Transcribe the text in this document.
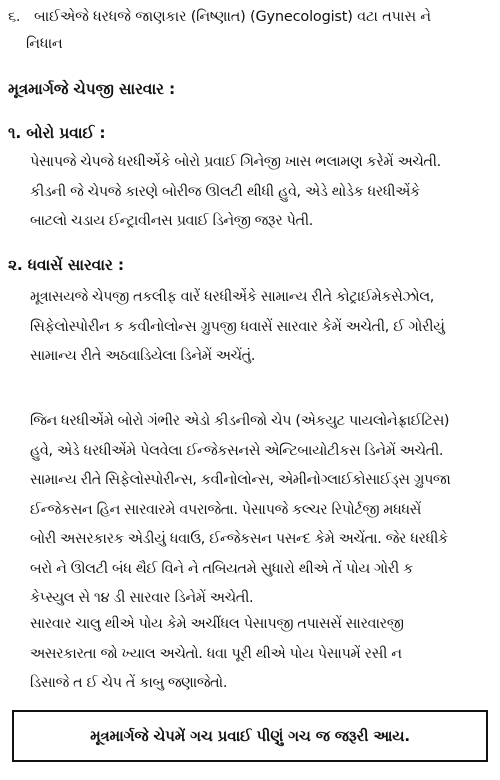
૬. બાઈએજે ધરધજે જાણકાર (નિષ્ણાત) (Gynecologist) વટા તપાસ ને
નિધાન
મૂત્રમાર્ગજે ચેપજી સારવાર :
૧. બોરો પ્રવાઈ :
પેસાપજે ચેપજે ધરધીએંકે બોરો પ્રવાઈ ગિનેજી ખાસ ભલામણ કરેમેં અચેતી.
કીડની જે ચેપજે કારણે બોરીજ ઊલટી થીધી હુવે, એડે થોડેક ધરધીએંકે
બાટલો ચડાય ઈન્ટ્રાવીનસ પ્રવાઈ ડિનેજી જરૂર પેતી.
૨. ધવાસેં સારવાર :
મૂત્રાસયજે ચેપજી તકલીફ વારેં ધરધીએંકે સામાન્ય રીતે કોટ્રાઈમેકસેઝોલ,
સિફેલોસ્પોરીન ક કવીનોલોન્સ ગ્રુપજી ધવાસેં સારવાર કેમેં અચેતી, ઈ ગોરીયું
સામાન્ય રીતે અઠવાડિયેલા ડિનેમેં અચેંતું.
જિન ધરધીએંમે બોરો ગંભીર એડો કીડનીજો ચેપ (એકયુટ પાયલોનેફ્રાઈટિસ)
હુવે, એડે ધરધીએંમે પેલવેલા ઈન્જેકસનસે એન્ટિબાયોટીકસ ડિનેમેં અચેતી.
સામાન્ય રીતે સિફેલોસ્પોરીન્સ, કવીનોલોન્સ, એમીનોગ્લાઈકોસાઈડ્સ ગ્રુપજા
ઈન્જેકસન હિન સારવારમે વપરાજેતા. પેસાપજે કલ્ચર રિપોર્ટજી મધધસેં
બોરી અસરકારક એડીયું ધવાઉ, ઈન્જેકસન પસન્દ કેમે અચેંતા. જેર ધરધીકે
બરો ને ઊલટી બંધ થૈઈ વિને ને તબિયતમે સુધારો થીએ તેં પોય ગોરી ક
કેપ્સ્યુલ સે ૧૪ ડી સારવાર ડિનેમેં અચેતી.
સારવાર ચાલુ થીએ પોય કેમે અચીંધલ પેસાપજી તપાસસેં સારવારજી
અસરકારતા જો ખ્યાલ અચેતો. ધવા પૂરી થીએ પોય પેસાપમેં રસી ન
ડિસાજે ત ઈ ચેપ તેં કાબુ જણાજેતો.
મૂત્રમાર્ગજે ચેપમેં ગચ પ્રવાઈ પીણું ગચ જ જરૂરી આય.
